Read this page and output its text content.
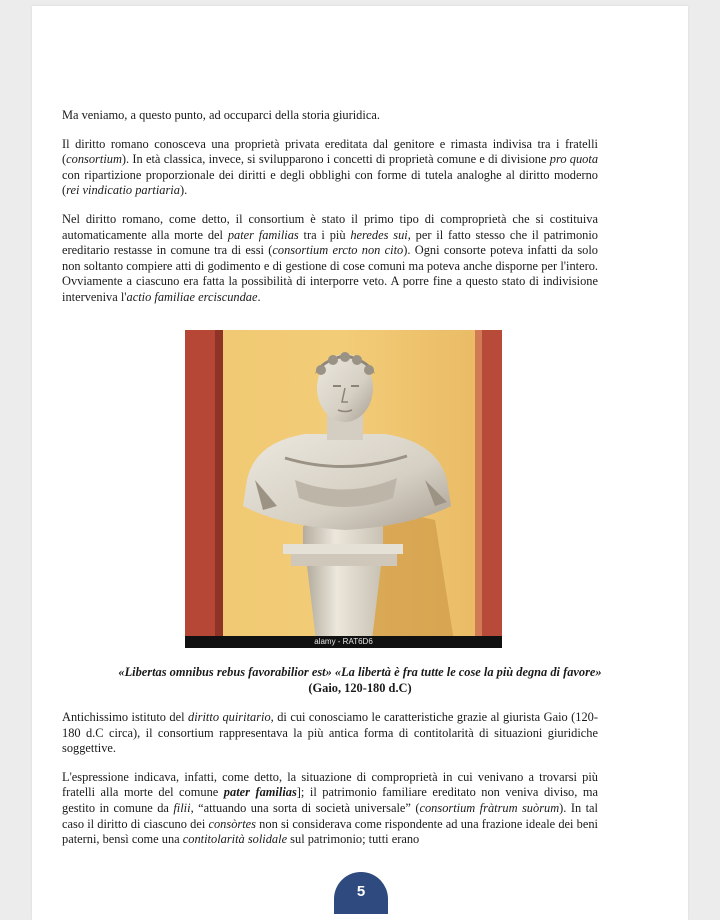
Ma veniamo, a questo punto, ad occuparci della storia giuridica.

Il diritto romano conosceva una proprietà privata ereditata dal genitore e rimasta indivisa tra i fratelli (consortium). In età classica, invece, si svilupparono i concetti di proprietà comune e di divisione pro quota con ripartizione proporzionale dei diritti e degli obblighi con forme di tutela analoghe al diritto moderno (rei vindicatio partiaria).

Nel diritto romano, come detto, il consortium è stato il primo tipo di comproprietà che si costituiva automaticamente alla morte del pater familias tra i più heredes sui, per il fatto stesso che il patrimonio ereditario restasse in comune tra di essi (consortium ercto non cito). Ogni consorte poteva infatti da solo non soltanto compiere atti di godimento e di gestione di cose comuni ma poteva anche disporne per l'intero. Ovviamente a ciascuno era fatta la possibilità di interporre veto. A porre fine a questo stato di indivisione interveniva l'actio familiae erciscundae.

alamy - RAT6D6
«Libertas omnibus rebus favorabilior est» «La libertà è fra tutte le cose la più degna di favore»
(Gaio, 120-180 d.C)

Antichissimo istituto del diritto quiritario, di cui conosciamo le caratteristiche grazie al giurista Gaio (120-180 d.C circa), il consortium rappresentava la più antica forma di contitolarità di situazioni giuridiche soggettive.

L'espressione indicava, infatti, come detto, la situazione di comproprietà in cui venivano a trovarsi più fratelli alla morte del comune pater familias]; il patrimonio familiare ereditato non veniva diviso, ma gestito in comune da filii, “attuando una sorta di società universale” (consortium fràtrum suòrum). In tal caso il diritto di ciascuno dei consòrtes non si considerava come rispondente ad una frazione ideale dei beni paterni, bensì come una contitolarità solidale sul patrimonio; tutti erano

5
